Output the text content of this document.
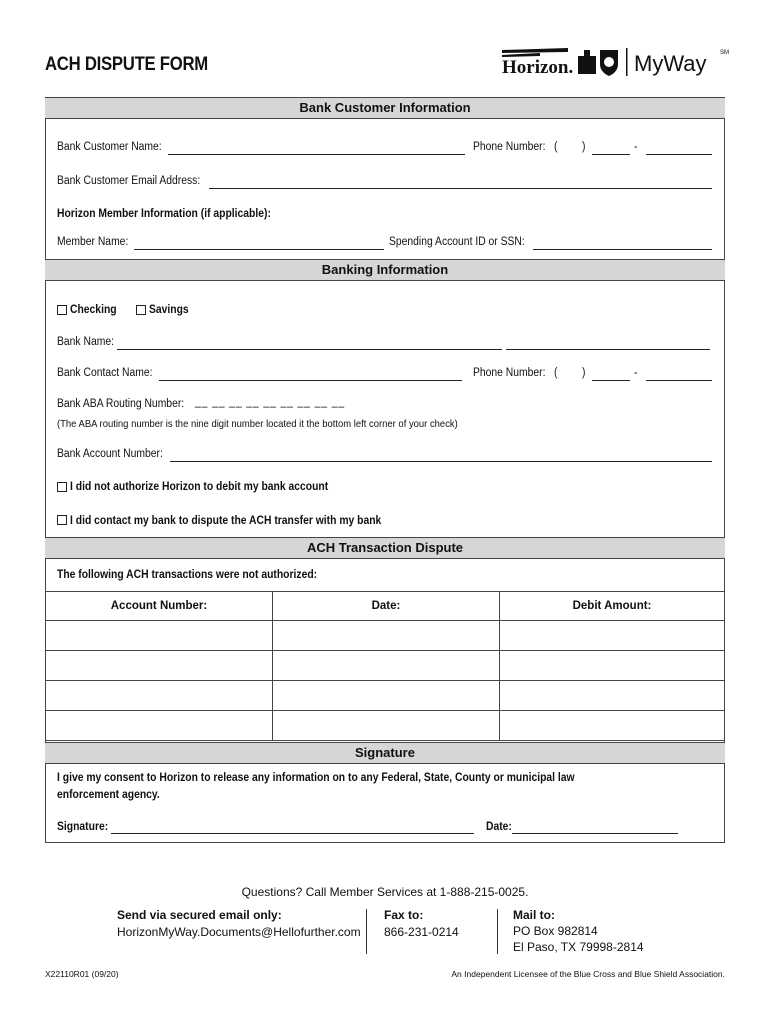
ACH DISPUTE FORM	Horizon.	MyWay SM
Bank Customer Information
Bank Customer Name:	Phone Number: ( )	-
Bank Customer Email Address:
Horizon Member Information (if applicable):
Member Name:	Spending Account ID or SSN:
Banking Information
Checking	Savings
Bank Name:
Bank Contact Name:	Phone Number: ( )	-
Bank ABA Routing Number: __ __ __ __ __ __ __ __ __
(The ABA routing number is the nine digit number located it the bottom left corner of your check)
Bank Account Number:
I did not authorize Horizon to debit my bank account
I did contact my bank to dispute the ACH transfer with my bank
ACH Transaction Dispute
The following ACH transactions were not authorized:
Account Number:	Date:	Debit Amount:

Signature
I give my consent to Horizon to release any information on to any Federal, State, County or municipal law
enforcement agency.
Signature:	Date:
Questions? Call Member Services at 1-888-215-0025.
Send via secured email only:
HorizonMyWay.Documents@Hellofurther.com
Fax to:
866-231-0214
Mail to:
PO Box 982814
El Paso, TX 79998-2814
X22110R01 (09/20)	An Independent Licensee of the Blue Cross and Blue Shield Association.
